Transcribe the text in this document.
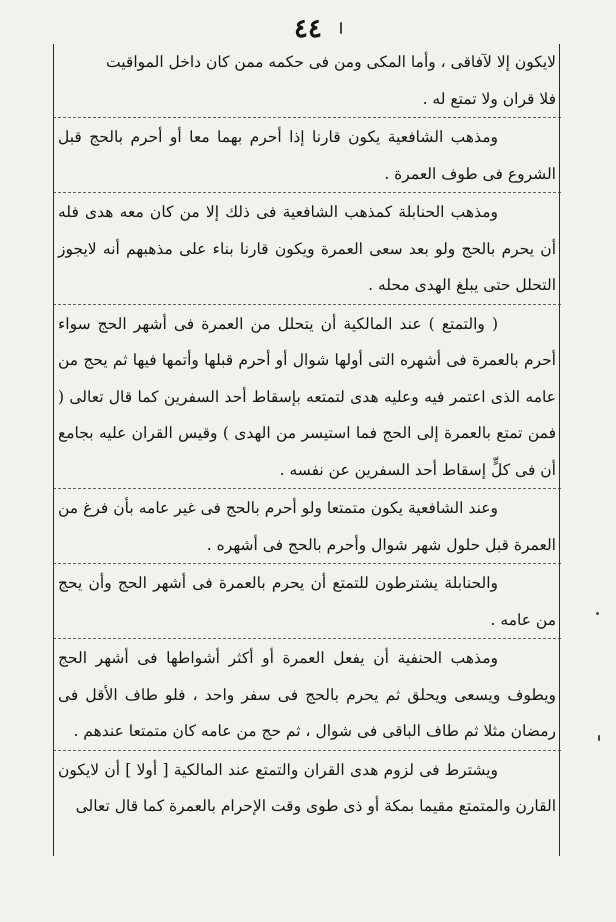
٤٤

لايكون إلا لآفاقى ، وأما المكى ومن فى حكمه ممن كان داخل المواقيت

فلا قران ولا تمتع له .

ومذهب الشافعية يكون قارنا إذا أحرم بهما معا أو أحرم بالحج قبل الشروع فى طوف العمرة .

ومذهب الحنابلة كمذهب الشافعية فى ذلك إلا من كان معه هدى فله أن يحرم بالحج ولو بعد سعى العمرة ويكون قارنا بناء على مذهبهم أنه لايجوز التحلل حتى يبلغ الهدى محله .

( والتمتع ) عند المالكية أن يتحلل من العمرة فى أشهر الحج سواء أحرم بالعمرة فى أشهره التى أولها شوال أو أحرم قبلها وأتمها فيها ثم يحج من عامه الذى اعتمر فيه وعليه هدى لتمتعه بإسقاط أحد السفرين كما قال تعالى ( فمن تمتع بالعمرة إلى الحج فما استيسر من الهدى ) وقيس القران عليه بجامع أن فى كلٍّ إسقاط أحد السفرين عن نفسه .

وعند الشافعية يكون متمتعا ولو أحرم بالحج فى غير عامه بأن فرغ من العمرة قبل حلول شهر شوال وأحرم بالحج فى أشهره .

والحنابلة يشترطون للتمتع أن يحرم بالعمرة فى أشهر الحج وأن يحج من عامه .

ومذهب الحنفية أن يفعل العمرة أو أكثر أشواطها فى أشهر الحج ويطوف ويسعى ويحلق ثم يحرم بالحج فى سفر واحد ، فلو طاف الأقل فى رمضان مثلا ثم طاف الباقى فى شوال ، ثم حج من عامه كان متمتعا عندهم .

ويشترط فى لزوم هدى القران والتمتع عند المالكية [ أولا ] أن لايكون القارن والمتمتع مقيما بمكة أو ذى طوى وقت الإحرام بالعمرة كما قال تعالى
